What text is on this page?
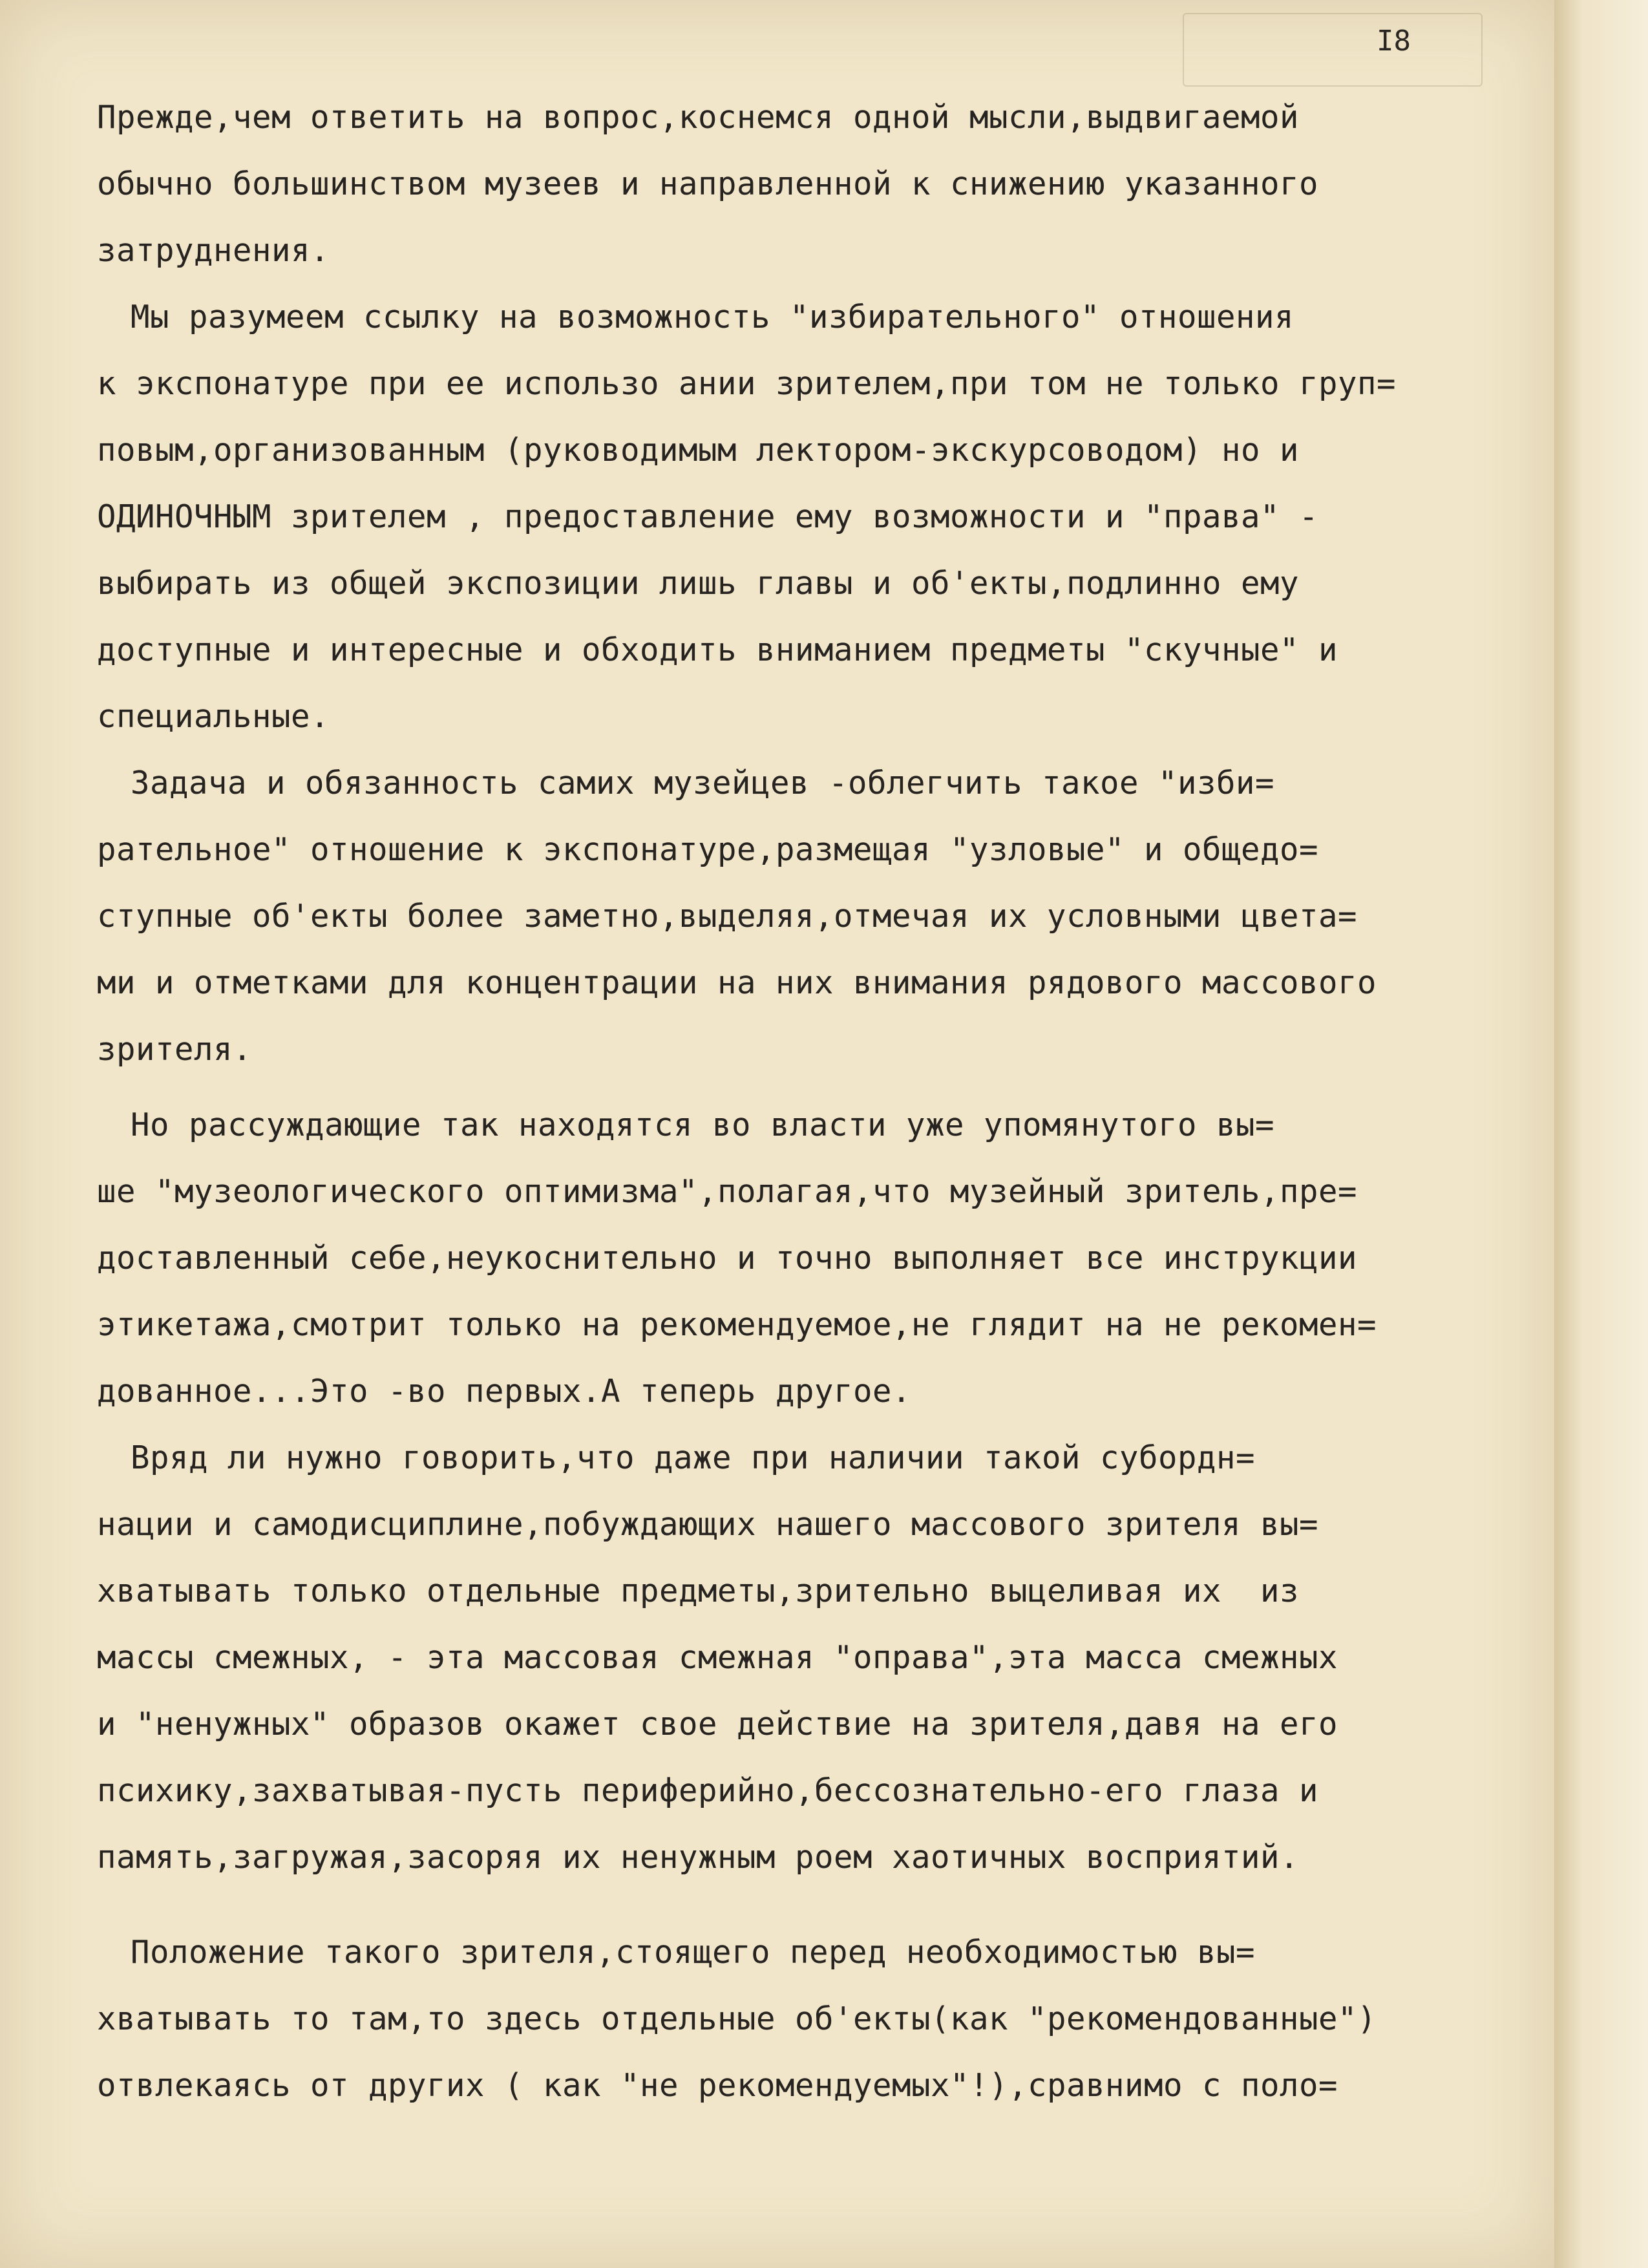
I8
Прежде,чем ответить на вопрос,коснемся одной мысли,выдвигаемой
обычно большинством музеев и направленной к снижению указанного
затруднения.
Мы разумеем ссылку на возможность "избирательного" отношения
к экспонатуре при ее использо ании зрителем,при том не только груп=
повым,организованным (руководимым лектором-экскурсоводом) но и
ОДИНОЧНЫМ зрителем , предоставление ему возможности и "права" -
выбирать из общей экспозиции лишь главы и об'екты,подлинно ему
доступные и интересные и обходить вниманием предметы "скучные" и
специальные.
Задача и обязанность самих музейцев -облегчить такое "изби=
рательное" отношение к экспонатуре,размещая "узловые" и общедо=
ступные об'екты более заметно,выделяя,отмечая их условными цвета=
ми и отметками для концентрации на них внимания рядового массового
зрителя.
Но рассуждающие так находятся во власти уже упомянутого вы=
ше "музеологического оптимизма",полагая,что музейный зритель,пре=
доставленный себе,неукоснительно и точно выполняет все инструкции
этикетажа,смотрит только на рекомендуемое,не глядит на не рекомен=
дованное...Это -во первых.А теперь другое.
Вряд ли нужно говорить,что даже при наличии такой субордн=
нации и самодисциплине,побуждающих нашего массового зрителя вы=
хватывать только отдельные предметы,зрительно выцеливая их  из
массы смежных, - эта массовая смежная "оправа",эта масса смежных
и "ненужных" образов окажет свое действие на зрителя,давя на его
психику,захватывая-пусть периферийно,бессознательно-его глаза и
память,загружая,засоряя их ненужным роем хаотичных восприятий.
Положение такого зрителя,стоящего перед необходимостью вы=
хватывать то там,то здесь отдельные об'екты(как "рекомендованные")
отвлекаясь от других ( как "не рекомендуемых"!),сравнимо с поло=
